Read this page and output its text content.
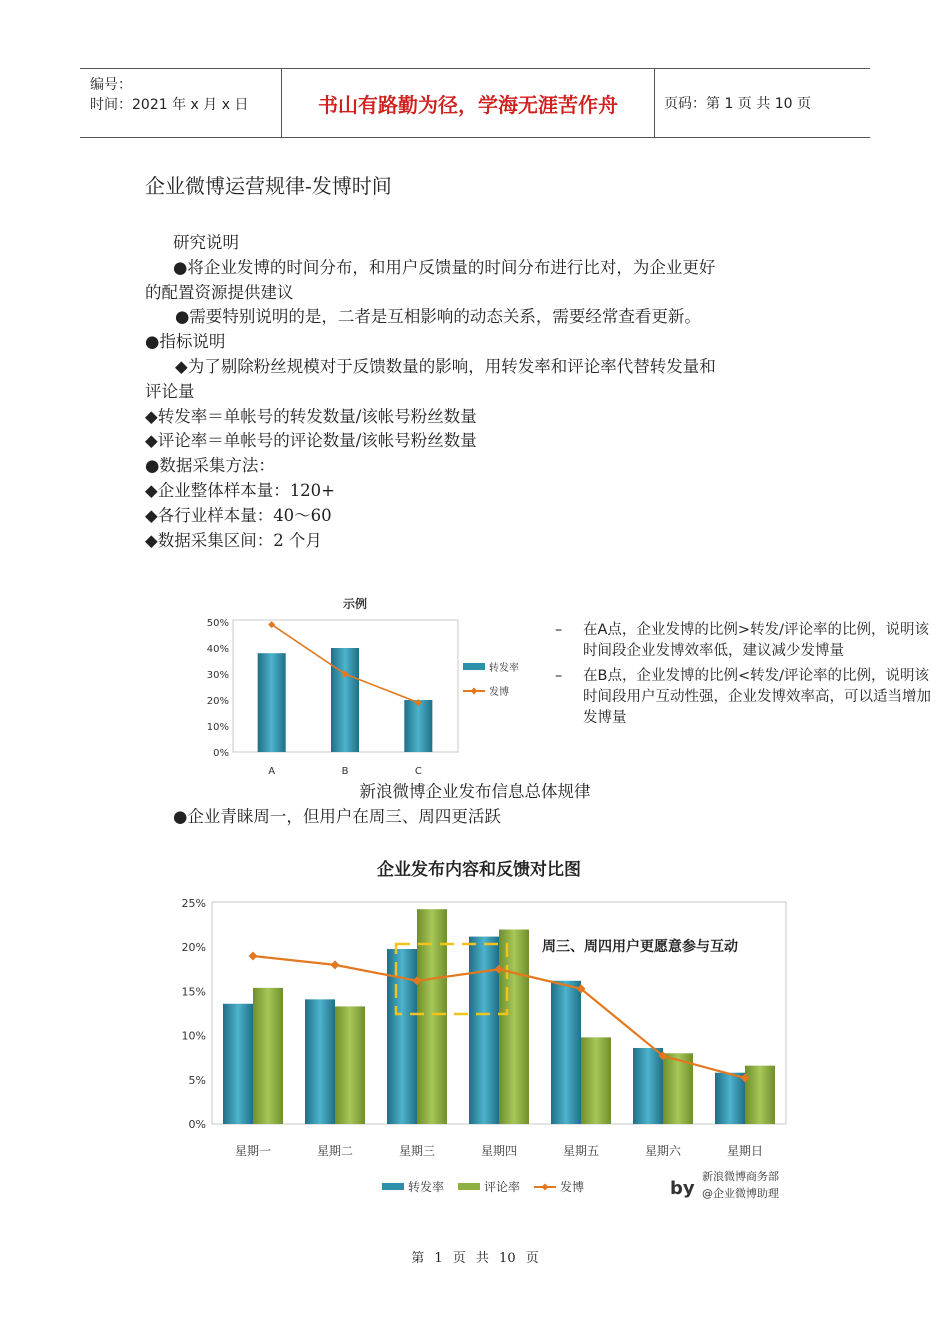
编号：
时间：2021 年 x 月 x 日	书山有路勤为径，学海无涯苦作舟	页码：第 1 页 共 10 页
企业微博运营规律-发博时间

研究说明

●将企业发博的时间分布，和用户反馈量的时间分布进行比对，为企业更好

的配置资源提供建议

●需要特别说明的是，二者是互相影响的动态关系，需要经常查看更新。

●指标说明

◆为了剔除粉丝规模对于反馈数量的影响，用转发率和评论率代替转发量和

评论量

◆转发率＝单帐号的转发数量/该帐号粉丝数量

◆评论率＝单帐号的评论数量/该帐号粉丝数量

●数据采集方法：

◆企业整体样本量：120+

◆各行业样本量：40～60

◆数据采集区间：2 个月

示例
0%
10%
20%
30%
40%
50%
A	B	C
转发率
发博
– 在A点，企业发博的比例>转发/评论率的比例，说明该时间段企业发博效率低，建议减少发博量
– 在B点，企业发博的比例<转发/评论率的比例，说明该时间段用户互动性强，企业发博效率高，可以适当增加发博量
新浪微博企业发布信息总体规律
●企业青睐周一，但用户在周三、周四更活跃
企业发布内容和反馈对比图
0%
5%
10%
15%
20%
25%
星期一	星期二	星期三	星期四	星期五	星期六	星期日
周三、周四用户更愿意参与互动
转发率	评论率	发博	by
新浪微博商务部
@企业微博助理
第 1 页 共 10 页
